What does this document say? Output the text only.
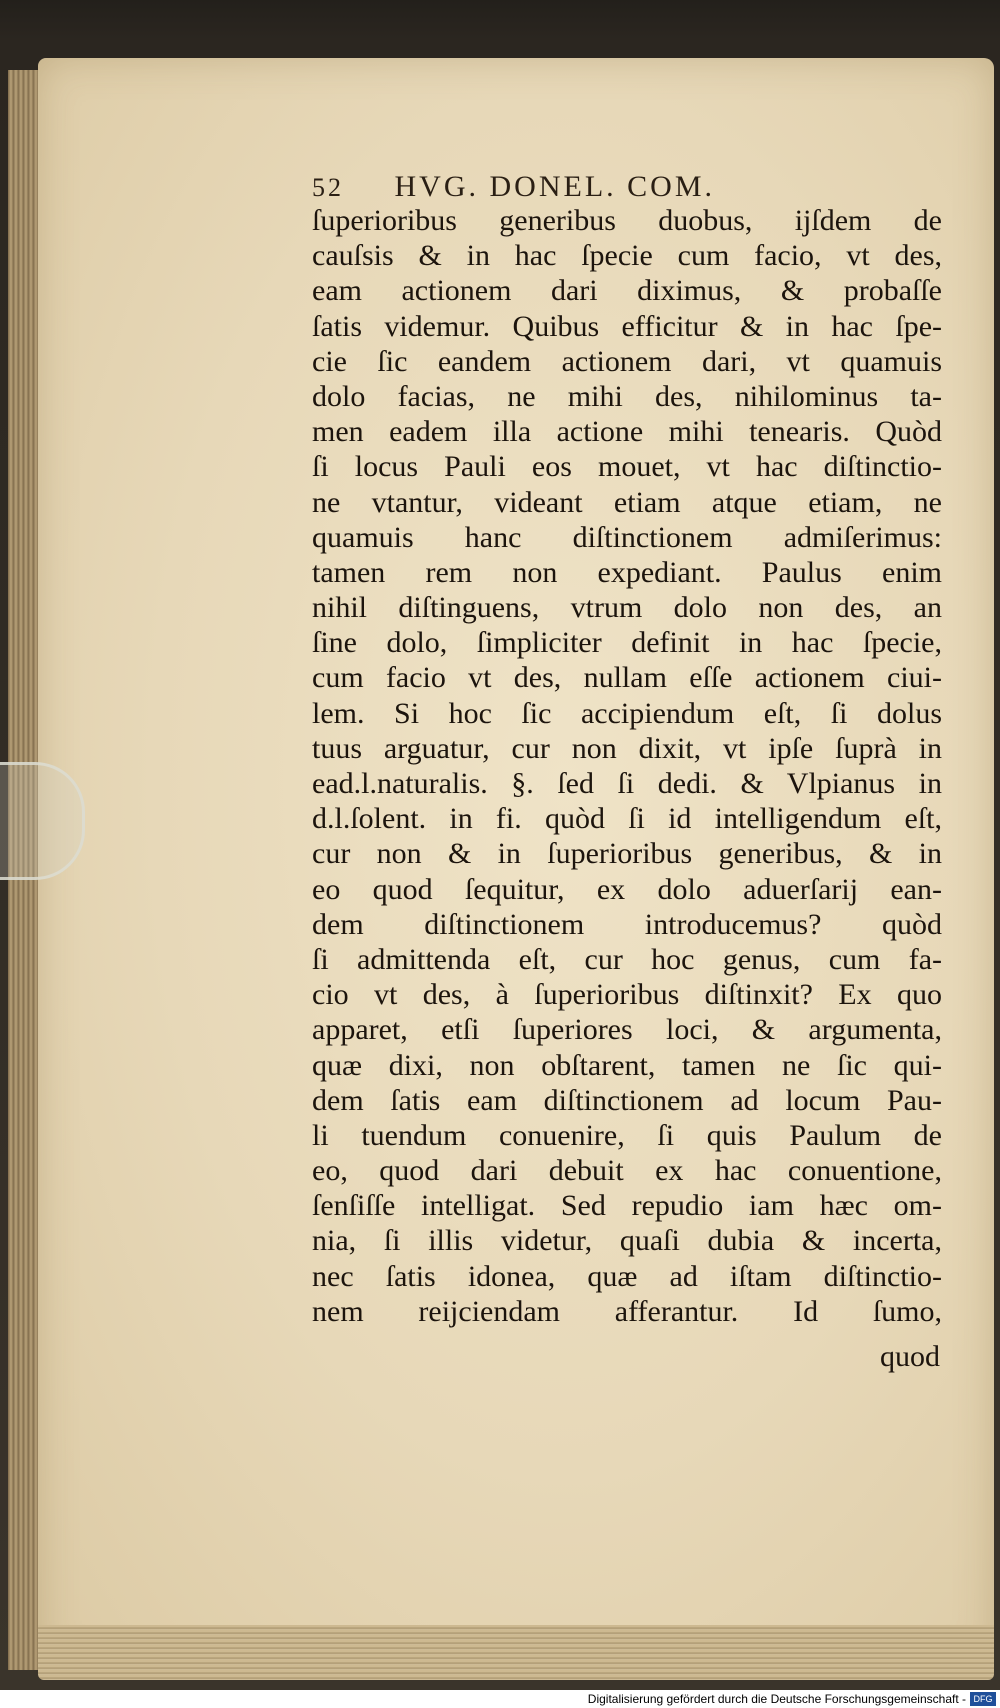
52 HVG. DONEL. COM.
ſuperioribus generibus duobus, ijſdem de
cauſsis & in hac ſpecie cum facio, vt des,
eam actionem dari diximus, & probaſſe
ſatis videmur. Quibus efficitur & in hac ſpe-
cie ſic eandem actionem dari, vt quamuis
dolo facias, ne mihi des, nihilominus ta-
men eadem illa actione mihi tenearis. Quòd
ſi locus Pauli eos mouet, vt hac diſtinctio-
ne vtantur, videant etiam atque etiam, ne
quamuis hanc diſtinctionem admiſerimus:
tamen rem non expediant. Paulus enim
nihil diſtinguens, vtrum dolo non des, an
ſine dolo, ſimpliciter definit in hac ſpecie,
cum facio vt des, nullam eſſe actionem ciui-
lem. Si hoc ſic accipiendum eſt, ſi dolus
tuus arguatur, cur non dixit, vt ipſe ſuprà in
ead.l.naturalis. §. ſed ſi dedi. & Vlpianus in
d.l.ſolent. in fi. quòd ſi id intelligendum eſt,
cur non & in ſuperioribus generibus, & in
eo quod ſequitur, ex dolo aduerſarij ean-
dem diſtinctionem introducemus? quòd
ſi admittenda eſt, cur hoc genus, cum fa-
cio vt des, à ſuperioribus diſtinxit? Ex quo
apparet, etſi ſuperiores loci, & argumenta,
quæ dixi, non obſtarent, tamen ne ſic qui-
dem ſatis eam diſtinctionem ad locum Pau-
li tuendum conuenire, ſi quis Paulum de
eo, quod dari debuit ex hac conuentione,
ſenſiſſe intelligat. Sed repudio iam hæc om-
nia, ſi illis videtur, quaſi dubia & incerta,
nec ſatis idonea, quæ ad iſtam diſtinctio-
nem reijciendam afferantur. Id ſumo,
quod
Digitalisierung gefördert durch die Deutsche Forschungsgemeinschaft - DFG
